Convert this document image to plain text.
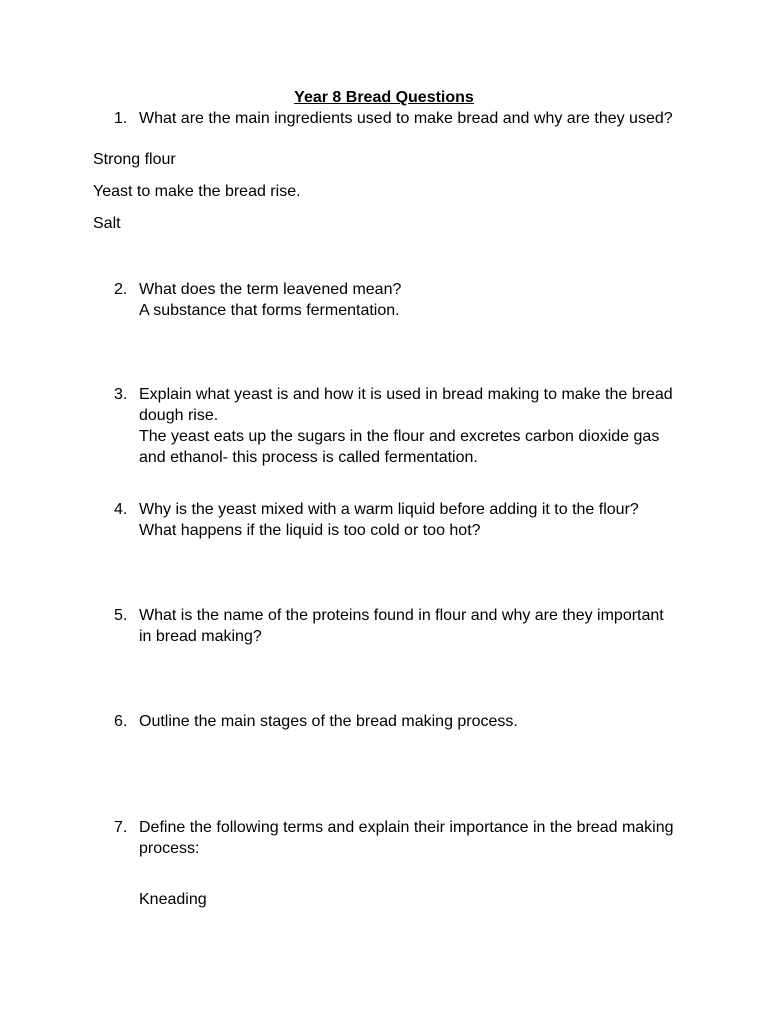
Year 8 Bread Questions
1. What are the main ingredients used to make bread and why are they used?
Strong flour
Yeast to make the bread rise.
Salt
2. What does the term leavened mean?
A substance that forms fermentation.
3. Explain what yeast is and how it is used in bread making to make the bread dough rise.
The yeast eats up the sugars in the flour and excretes carbon dioxide gas and ethanol- this process is called fermentation.
4. Why is the yeast mixed with a warm liquid before adding it to the flour? What happens if the liquid is too cold or too hot?
5. What is the name of the proteins found in flour and why are they important in bread making?
6. Outline the main stages of the bread making process.
7. Define the following terms and explain their importance in the bread making process:
Kneading
